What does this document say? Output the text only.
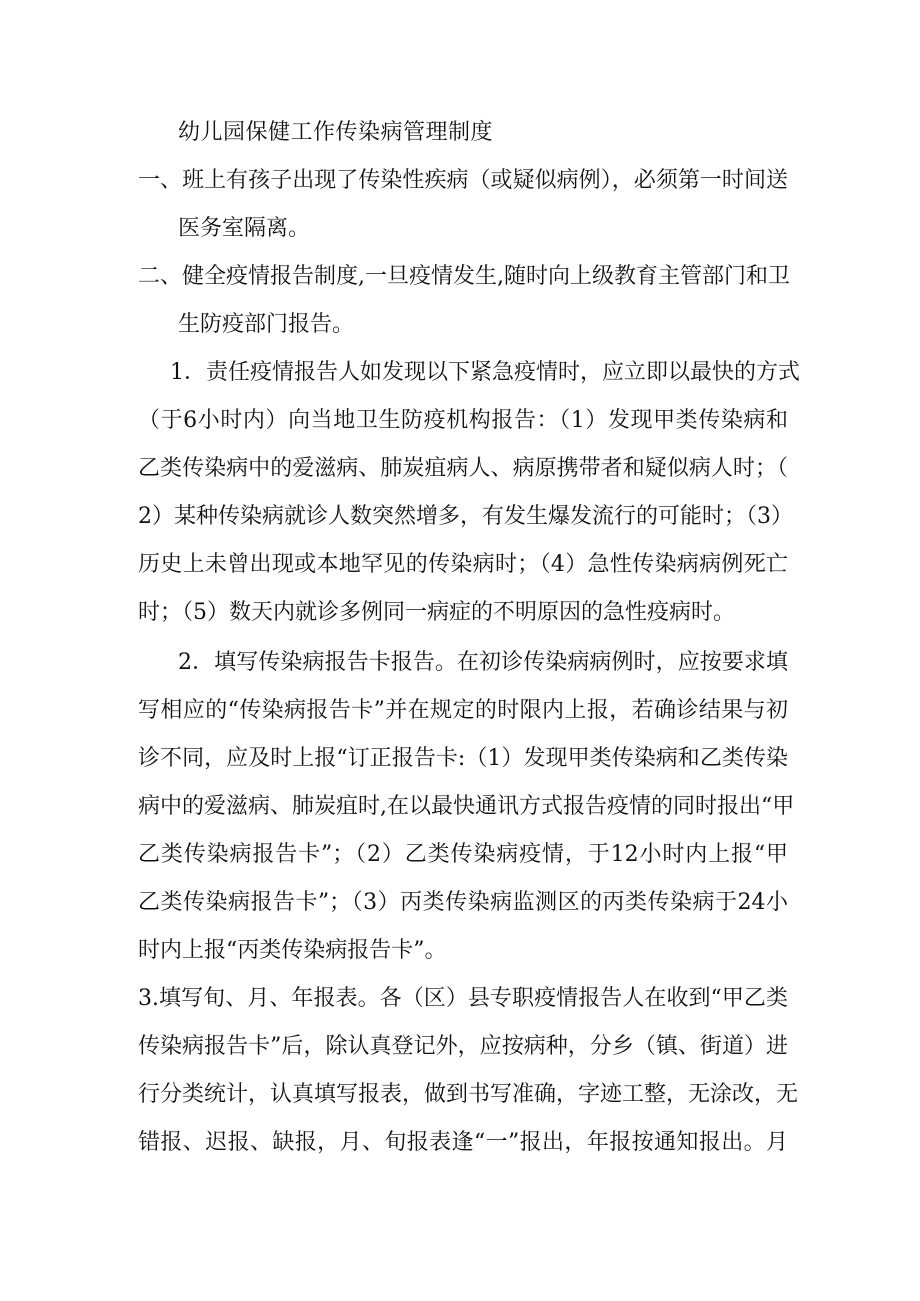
幼儿园保健工作传染病管理制度
一、班上有孩子出现了传染性疾病（或疑似病例），必须第一时间送
医务室隔离。
二、健全疫情报告制度,一旦疫情发生,随时向上级教育主管部门和卫
生防疫部门报告。
1．责任疫情报告人如发现以下紧急疫情时，应立即以最快的方式
（于6小时内）向当地卫生防疫机构报告：（1）发现甲类传染病和
乙类传染病中的爱滋病、肺炭疽病人、病原携带者和疑似病人时；（
2）某种传染病就诊人数突然增多，有发生爆发流行的可能时；（3）
历史上未曾出现或本地罕见的传染病时；（4）急性传染病病例死亡
时；（5）数天内就诊多例同一病症的不明原因的急性疫病时。
2．填写传染病报告卡报告。在初诊传染病病例时，应按要求填
写相应的“传染病报告卡”并在规定的时限内上报，若确诊结果与初
诊不同，应及时上报“订正报告卡:（1）发现甲类传染病和乙类传染
病中的爱滋病、肺炭疽时,在以最快通讯方式报告疫情的同时报出“甲
乙类传染病报告卡”；（2）乙类传染病疫情，于12小时内上报“甲
乙类传染病报告卡”；（3）丙类传染病监测区的丙类传染病于24小
时内上报“丙类传染病报告卡”。
3.填写旬、月、年报表。各（区）县专职疫情报告人在收到“甲乙类
传染病报告卡”后，除认真登记外，应按病种，分乡（镇、街道）进
行分类统计，认真填写报表，做到书写准确，字迹工整，无涂改，无
错报、迟报、缺报，月、旬报表逢“一”报出，年报按通知报出。月
